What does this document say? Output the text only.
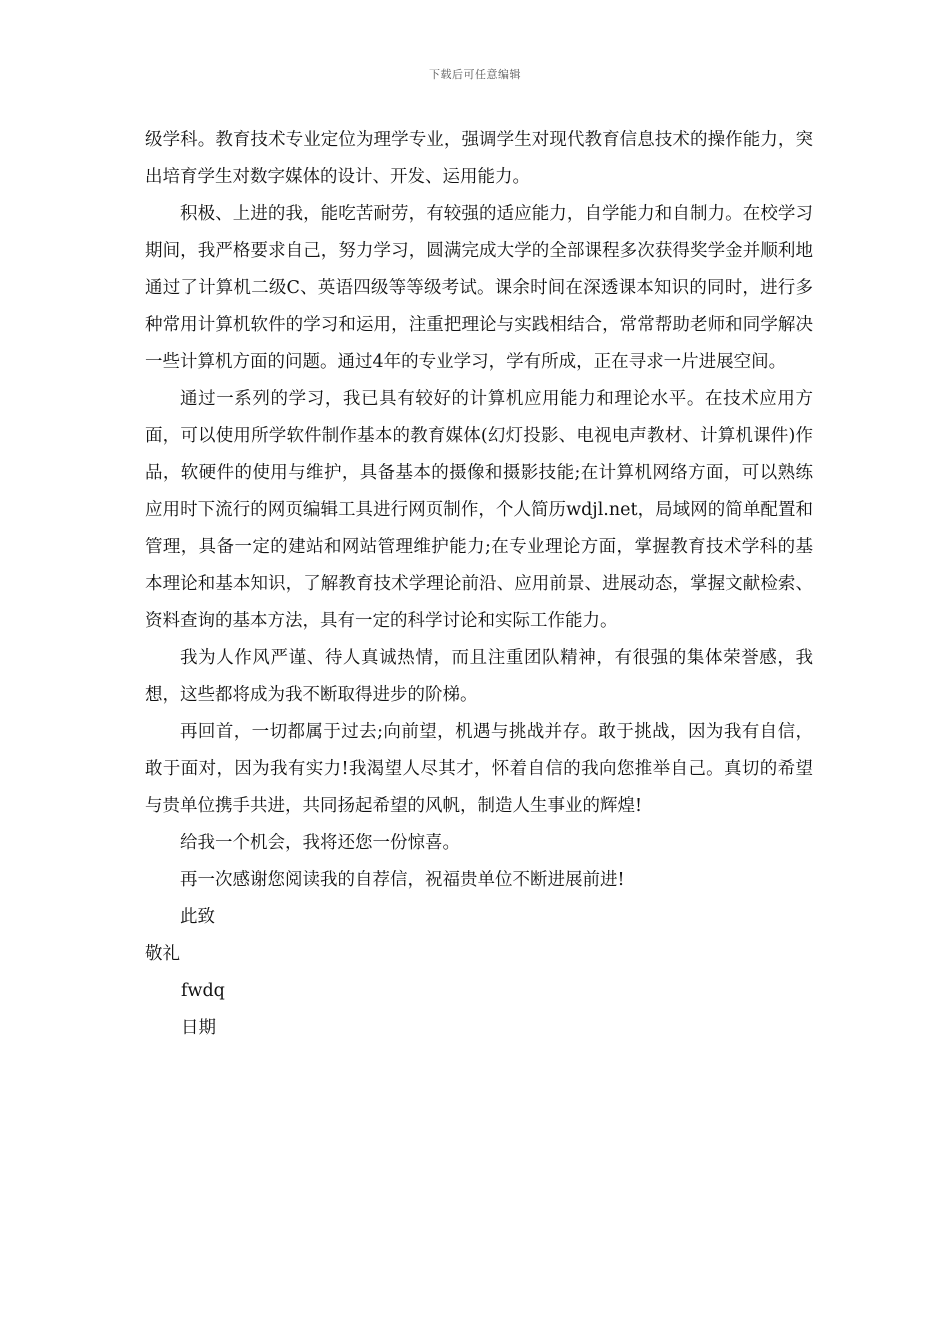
下载后可任意编辑

级学科。教育技术专业定位为理学专业，强调学生对现代教育信息技术的操作能力，突出培育学生对数字媒体的设计、开发、运用能力。

积极、上进的我，能吃苦耐劳，有较强的适应能力，自学能力和自制力。在校学习期间，我严格要求自己，努力学习，圆满完成大学的全部课程多次获得奖学金并顺利地通过了计算机二级C、英语四级等等级考试。课余时间在深透课本知识的同时，进行多种常用计算机软件的学习和运用，注重把理论与实践相结合，常常帮助老师和同学解决一些计算机方面的问题。通过4年的专业学习，学有所成，正在寻求一片进展空间。

通过一系列的学习，我已具有较好的计算机应用能力和理论水平。在技术应用方面，可以使用所学软件制作基本的教育媒体(幻灯投影、电视电声教材、计算机课件)作品，软硬件的使用与维护，具备基本的摄像和摄影技能;在计算机网络方面，可以熟练应用时下流行的网页编辑工具进行网页制作，个人简历wdjl.net，局域网的简单配置和管理，具备一定的建站和网站管理维护能力;在专业理论方面，掌握教育技术学科的基本理论和基本知识，了解教育技术学理论前沿、应用前景、进展动态，掌握文献检索、资料查询的基本方法，具有一定的科学讨论和实际工作能力。

我为人作风严谨、待人真诚热情，而且注重团队精神，有很强的集体荣誉感，我想，这些都将成为我不断取得进步的阶梯。

再回首，一切都属于过去;向前望，机遇与挑战并存。敢于挑战，因为我有自信，敢于面对，因为我有实力!我渴望人尽其才，怀着自信的我向您推举自己。真切的希望与贵单位携手共进，共同扬起希望的风帆，制造人生事业的辉煌!

给我一个机会，我将还您一份惊喜。

再一次感谢您阅读我的自荐信，祝福贵单位不断进展前进!

此致

敬礼

fwdq

日期
